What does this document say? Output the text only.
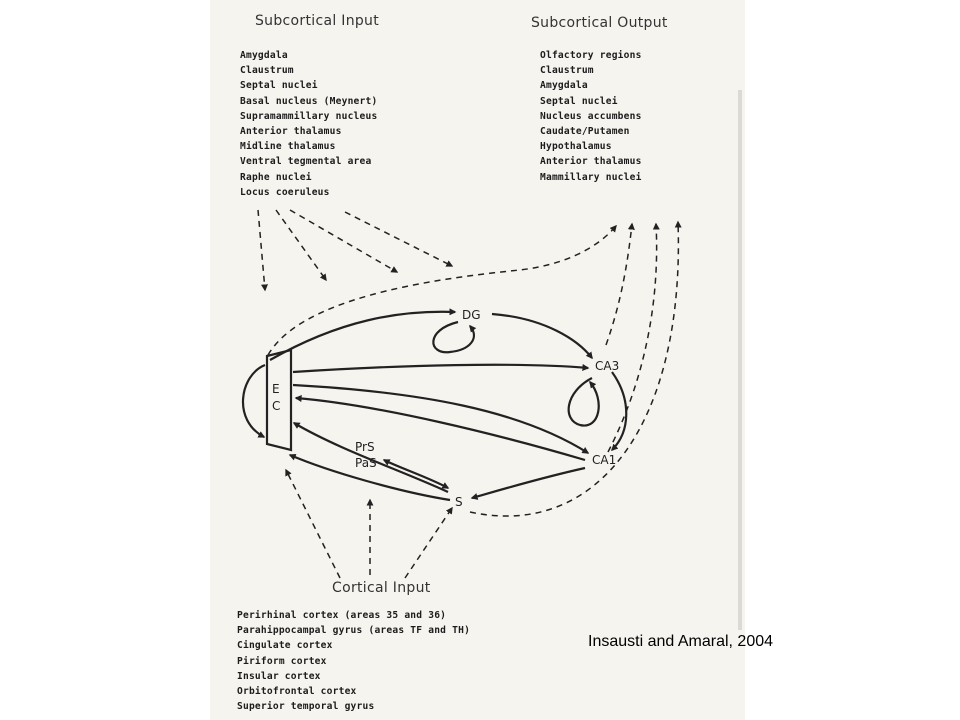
Subcortical Input	Subcortical Output
Cortical Input
Amygdala
Claustrum
Septal nuclei
Basal nucleus (Meynert)
Supramammillary nucleus
Anterior thalamus
Midline thalamus
Ventral tegmental area
Raphe nuclei
Locus coeruleus
Olfactory regions
Claustrum
Amygdala
Septal nuclei
Nucleus accumbens
Caudate/Putamen
Hypothalamus
Anterior thalamus
Mammillary nuclei
Perirhinal cortex (areas 35 and 36)
Parahippocampal gyrus (areas TF and TH)
Cingulate cortex
Piriform cortex
Insular cortex
Orbitofrontal cortex
Superior temporal gyrus
E
C
DG
CA3
CA1
PrS
PaS
S
Insausti and Amaral, 2004
